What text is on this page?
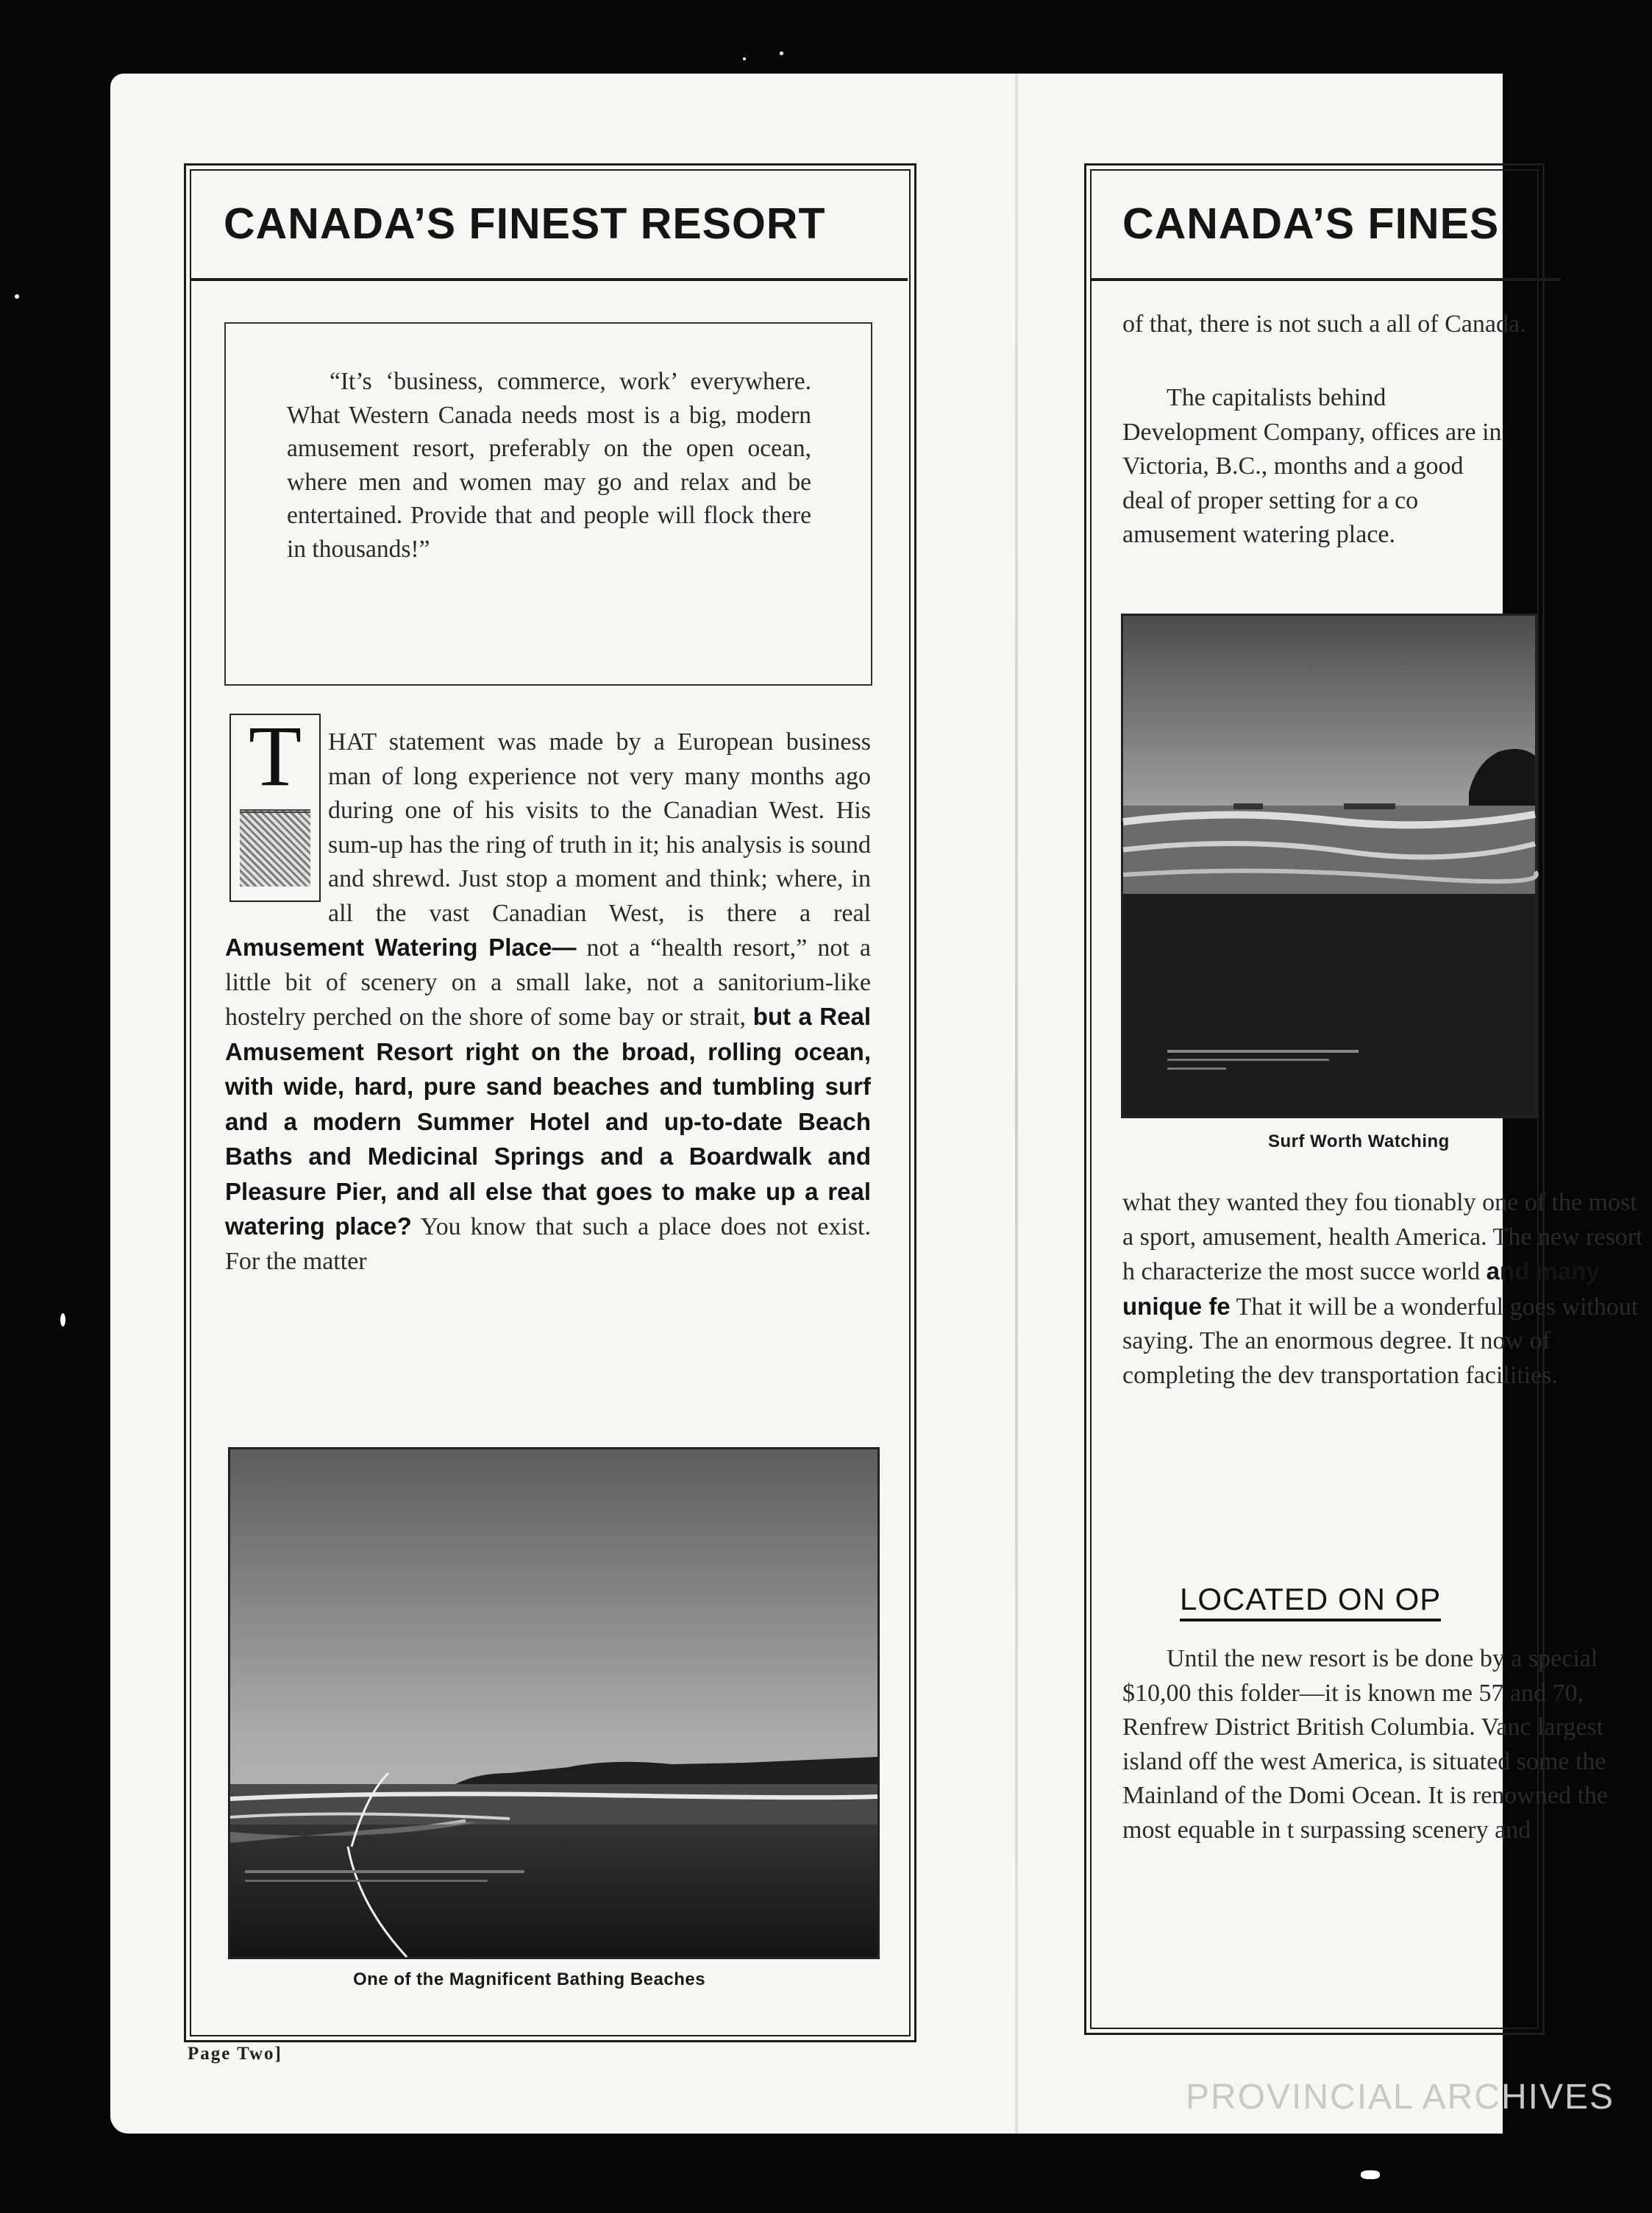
CANADA’S FINEST RESORT
“It’s ‘business, commerce, work’ everywhere. What Western Canada needs most is a big, modern amusement resort, preferably on the open ocean, where men and women may go and relax and be entertained. Provide that and people will flock there in thousands!”
T	HAT statement was made by a European business man of long experience not very many months ago during one of his visits to the Canadian West. His sum-up has the ring of truth in it; his analysis is sound and shrewd. Just stop a moment and think; where, in all the vast Canadian West, is there a real Amusement Watering Place— not a “health resort,” not a little bit of scenery on a small lake, not a sanitorium-like hostelry perched on the shore of some bay or strait, but a Real Amusement Resort right on the broad, rolling ocean, with wide, hard, pure sand beaches and tumbling surf and a modern Summer Hotel and up-to-date Beach Baths and Medicinal Springs and a Boardwalk and Pleasure Pier, and all else that goes to make up a real watering place? You know that such a place does not exist. For the matter

One of the Magnificent Bathing Beaches
Page Two]
CANADA’S FINES
of that, there is not such a all of Canada.
The capitalists behind Development Company, offices are in Victoria, B.C., months and a good deal of proper setting for a co amusement watering place.
Surf Worth Watching
what they wanted they fou tionably one of the most a sport, amusement, health America. The new resort h characterize the most succe world and many unique fe That it will be a wonderful goes without saying. The an enormous degree. It now of completing the dev transportation facilities.
LOCATED ON OP
Until the new resort is be done by a special $10,00 this folder—it is known me 57 and 70, Renfrew District British Columbia. Vanc largest island off the west America, is situated some the Mainland of the Domi Ocean. It is renowned the most equable in t surpassing scenery and
PROVINCIAL ARCHIVES
